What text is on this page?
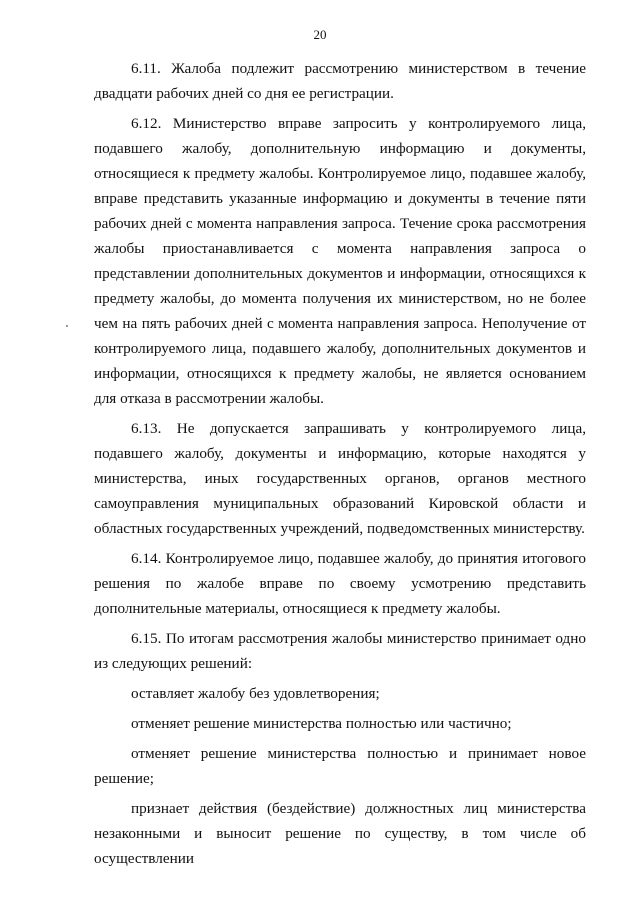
20

6.11. Жалоба подлежит рассмотрению министерством в течение двадцати рабочих дней со дня ее регистрации.

6.12. Министерство вправе запросить у контролируемого лица, подавшего жалобу, дополнительную информацию и документы, относящиеся к предмету жалобы. Контролируемое лицо, подавшее жалобу, вправе представить указанные информацию и документы в течение пяти рабочих дней с момента направления запроса. Течение срока рассмотрения жалобы приостанавливается с момента направления запроса о представлении дополнительных документов и информации, относящихся к предмету жалобы, до момента получения их министерством, но не более чем на пять рабочих дней с момента направления запроса. Неполучение от контролируемого лица, подавшего жалобу, дополнительных документов и информации, относящихся к предмету жалобы, не является основанием для отказа в рассмотрении жалобы.

6.13. Не допускается запрашивать у контролируемого лица, подавшего жалобу, документы и информацию, которые находятся у министерства, иных государственных органов, органов местного самоуправления муниципальных образований Кировской области и областных государственных учреждений, подведомственных министерству.

6.14. Контролируемое лицо, подавшее жалобу, до принятия итогового решения по жалобе вправе по своему усмотрению представить дополнительные материалы, относящиеся к предмету жалобы.

6.15. По итогам рассмотрения жалобы министерство принимает одно из следующих решений:

оставляет жалобу без удовлетворения;

отменяет решение министерства полностью или частично;

отменяет решение министерства полностью и принимает новое решение;

признает действия (бездействие) должностных лиц министерства незаконными и выносит решение по существу, в том числе об осуществлении
